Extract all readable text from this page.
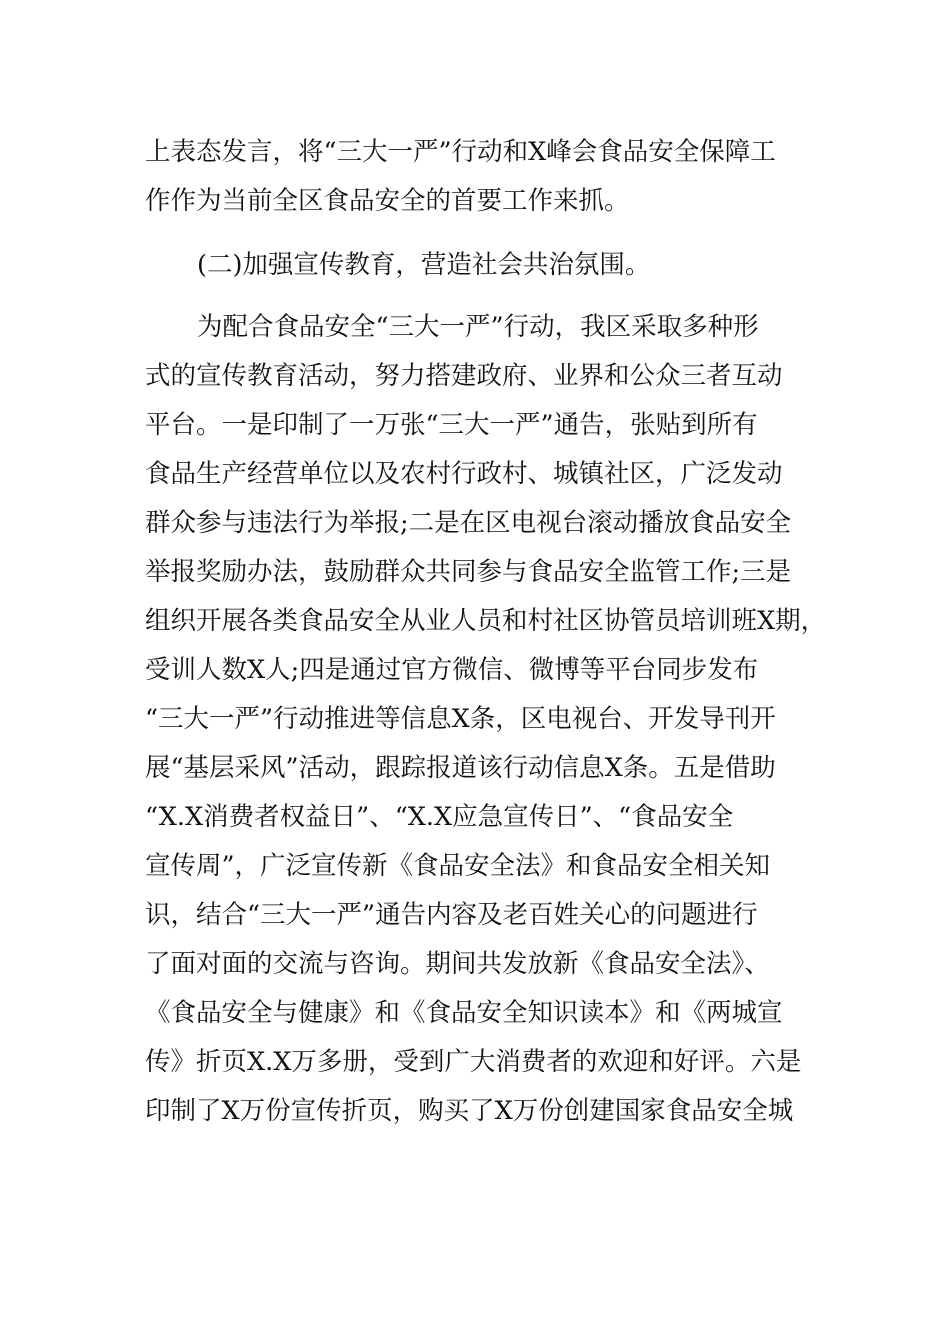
上表态发言，将“三大一严”行动和X峰会食品安全保障工
作作为当前全区食品安全的首要工作来抓。
(二)加强宣传教育，营造社会共治氛围。
为配合食品安全“三大一严”行动，我区采取多种形
式的宣传教育活动，努力搭建政府、业界和公众三者互动
平台。一是印制了一万张“三大一严”通告，张贴到所有
食品生产经营单位以及农村行政村、城镇社区，广泛发动
群众参与违法行为举报;二是在区电视台滚动播放食品安全
举报奖励办法，鼓励群众共同参与食品安全监管工作;三是
组织开展各类食品安全从业人员和村社区协管员培训班X期，
受训人数X人;四是通过官方微信、微博等平台同步发布
“三大一严”行动推进等信息X条，区电视台、开发导刊开
展“基层采风”活动，跟踪报道该行动信息X条。五是借助
“X.X消费者权益日”、“X.X应急宣传日”、“食品安全
宣传周”，广泛宣传新《食品安全法》和食品安全相关知
识，结合“三大一严”通告内容及老百姓关心的问题进行
了面对面的交流与咨询。期间共发放新《食品安全法》、
《食品安全与健康》和《食品安全知识读本》和《两城宣
传》折页X.X万多册，受到广大消费者的欢迎和好评。六是
印制了X万份宣传折页，购买了X万份创建国家食品安全城
